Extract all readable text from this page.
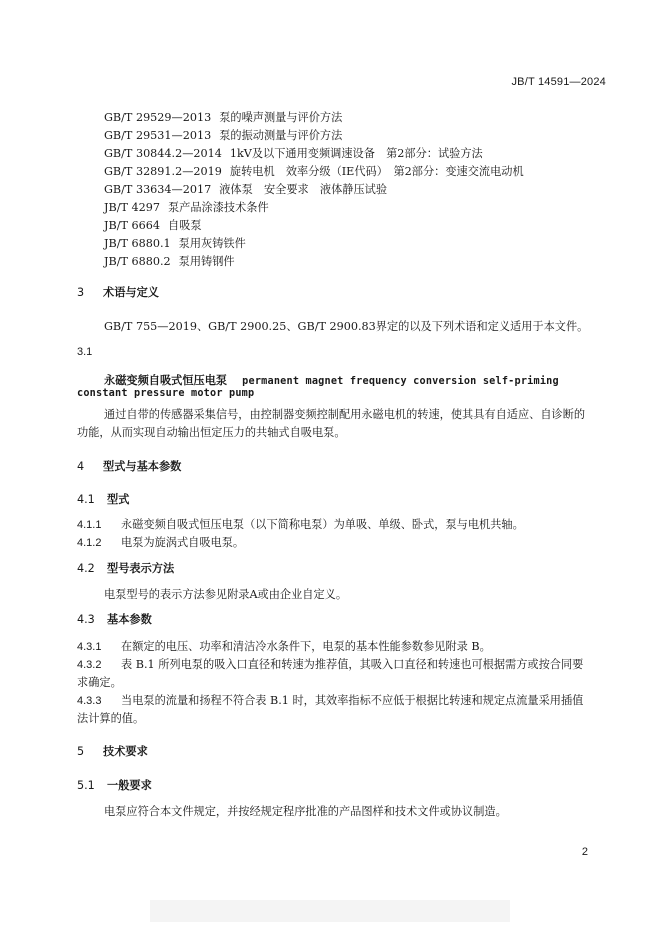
JB/T 14591—2024
GB/T 29529—2013 泵的噪声测量与评价方法
GB/T 29531—2013 泵的振动测量与评价方法
GB/T 30844.2—2014 1kV及以下通用变频调速设备　第2部分：试验方法
GB/T 32891.2—2019 旋转电机　效率分级（IE代码）　第2部分：变速交流电动机
GB/T 33634—2017 液体泵　安全要求　液体静压试验
JB/T 4297 泵产品涂漆技术条件
JB/T 6664 自吸泵
JB/T 6880.1 泵用灰铸铁件
JB/T 6880.2 泵用铸钢件
3 术语与定义
GB/T 755—2019、GB/T 2900.25、GB/T 2900.83界定的以及下列术语和定义适用于本文件。
3.1
永磁变频自吸式恒压电泵 permanent magnet frequency conversion self-priming
constant pressure motor pump
通过自带的传感器采集信号，由控制器变频控制配用永磁电机的转速，使其具有自适应、自诊断的
功能，从而实现自动输出恒定压力的共轴式自吸电泵。
4 型式与基本参数
4.1 型式
4.1.1 永磁变频自吸式恒压电泵（以下简称电泵）为单吸、单级、卧式，泵与电机共轴。
4.1.2 电泵为旋涡式自吸电泵。
4.2 型号表示方法
电泵型号的表示方法参见附录A或由企业自定义。
4.3 基本参数
4.3.1 在额定的电压、功率和清洁冷水条件下，电泵的基本性能参数参见附录 B。
4.3.2 表 B.1 所列电泵的吸入口直径和转速为推荐值，其吸入口直径和转速也可根据需方或按合同要
求确定。
4.3.3 当电泵的流量和扬程不符合表 B.1 时，其效率指标不应低于根据比转速和规定点流量采用插值
法计算的值。
5 技术要求
5.1 一般要求
电泵应符合本文件规定，并按经规定程序批准的产品图样和技术文件或协议制造。
2
